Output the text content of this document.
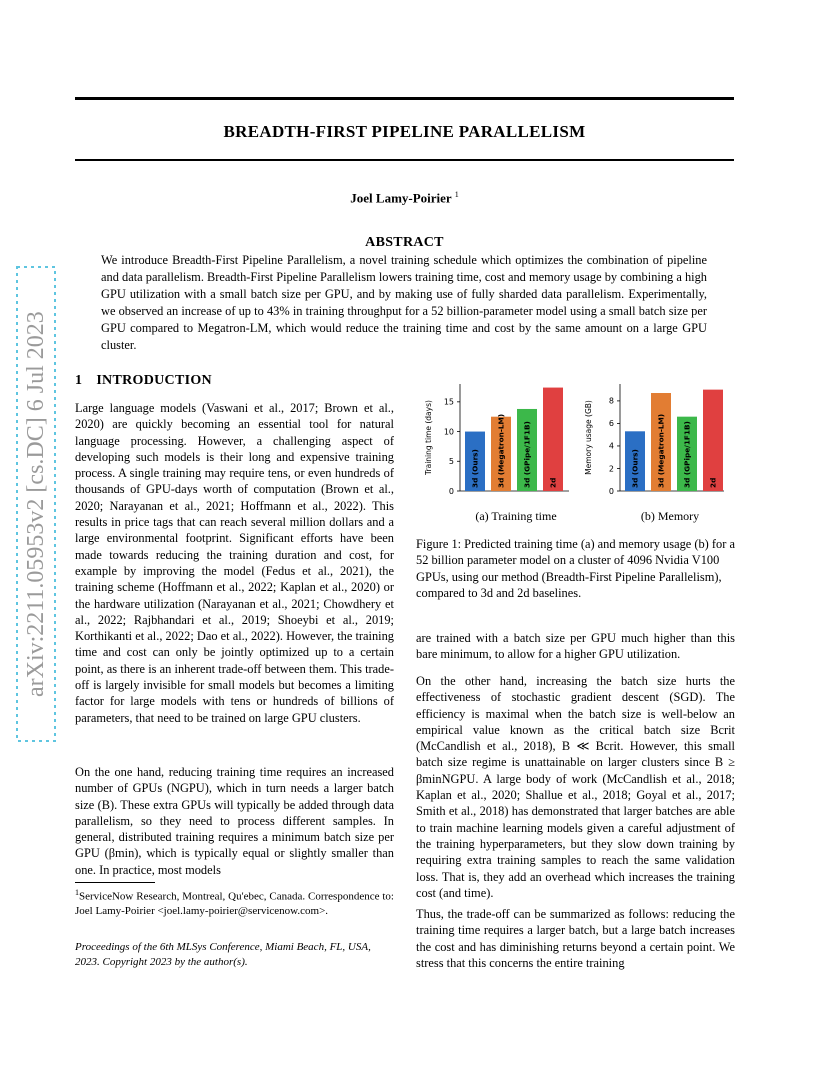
arXiv:2211.05953v2 [cs.DC] 6 Jul 2023
BREADTH-FIRST PIPELINE PARALLELISM
Joel Lamy-Poirier $^1$
ABSTRACT
We introduce Breadth-First Pipeline Parallelism, a novel training schedule which optimizes the combination of pipeline and data parallelism. Breadth-First Pipeline Parallelism lowers training time, cost and memory usage by combining a high GPU utilization with a small batch size per GPU, and by making use of fully sharded data parallelism. Experimentally, we observed an increase of up to 43% in training throughput for a 52 billion-parameter model using a small batch size per GPU compared to Megatron-LM, which would reduce the training time and cost by the same amount on a large GPU cluster.
1 INTRODUCTION
Large language models (Vaswani et al., 2017; Brown et al., 2020) are quickly becoming an essential tool for natural language processing. However, a challenging aspect of developing such models is their long and expensive training process. A single training may require tens, or even hundreds of thousands of GPU-days worth of computation (Brown et al., 2020; Narayanan et al., 2021; Hoffmann et al., 2022). This results in price tags that can reach several million dollars and a large environmental footprint. Significant efforts have been made towards reducing the training duration and cost, for example by improving the model (Fedus et al., 2021), the training scheme (Hoffmann et al., 2022; Kaplan et al., 2020) or the hardware utilization (Narayanan et al., 2021; Chowdhery et al., 2022; Rajbhandari et al., 2019; Shoeybi et al., 2019; Korthikanti et al., 2022; Dao et al., 2022). However, the training time and cost can only be jointly optimized up to a certain point, as there is an inherent trade-off between them. This trade-off is largely invisible for small models but becomes a limiting factor for large models with tens or hundreds of billions of parameters, that need to be trained on large GPU clusters.
On the one hand, reducing training time requires an increased number of GPUs (NGPU), which in turn needs a larger batch size (B). These extra GPUs will typically be added through data parallelism, so they need to process different samples. In general, distributed training requires a minimum batch size per GPU (βmin), which is typically equal or slightly smaller than one. In practice, most models
$^1$ServiceNow Research, Montreal, Qu'ebec, Canada. Correspondence to: Joel Lamy-Poirier <joel.lamy-poirier@servicenow.com>.
Proceedings of the 6th MLSys Conference, Miami Beach, FL, USA, 2023. Copyright 2023 by the author(s).
Training time (days)
0
5
10
15
3d (Ours) 3d (Megatron-LM) 3d (GPipe/1F1B) 2d
Memory usage (GB)
0
2
4
6
8
3d (Ours) 3d (Megatron-LM) 3d (GPipe/1F1B) 2d
(a) Training time	(b) Memory
Figure 1: Predicted training time (a) and memory usage (b) for a 52 billion parameter model on a cluster of 4096 Nvidia V100 GPUs, using our method (Breadth-First Pipeline Parallelism), compared to 3d and 2d baselines.
are trained with a batch size per GPU much higher than this bare minimum, to allow for a higher GPU utilization.
On the other hand, increasing the batch size hurts the effectiveness of stochastic gradient descent (SGD). The efficiency is maximal when the batch size is well-below an empirical value known as the critical batch size Bcrit (McCandlish et al., 2018), B ≪ Bcrit. However, this small batch size regime is unattainable on larger clusters since B ≥ βminNGPU. A large body of work (McCandlish et al., 2018; Kaplan et al., 2020; Shallue et al., 2018; Goyal et al., 2017; Smith et al., 2018) has demonstrated that larger batches are able to train machine learning models given a careful adjustment of the training hyperparameters, but they slow down training by requiring extra training samples to reach the same validation loss. That is, they add an overhead which increases the training cost (and time).
Thus, the trade-off can be summarized as follows: reducing the training time requires a larger batch, but a large batch increases the cost and has diminishing returns beyond a certain point. We stress that this concerns the entire training
